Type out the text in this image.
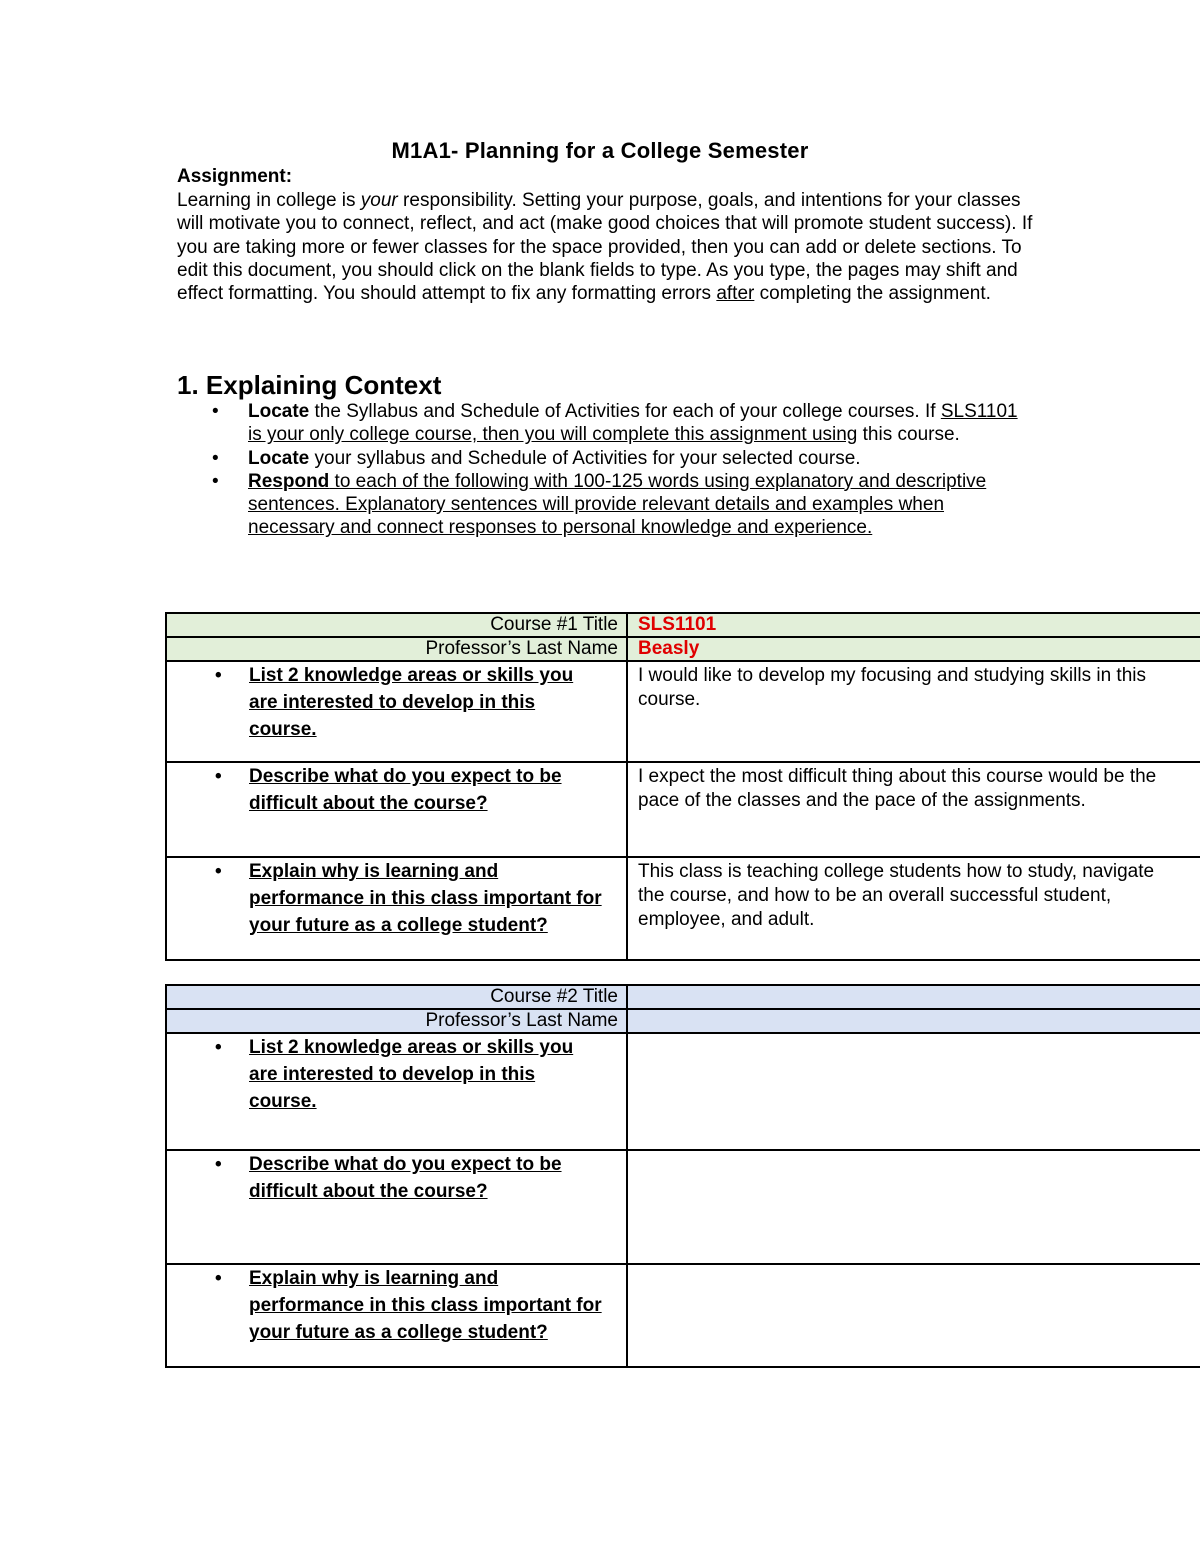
M1A1- Planning for a College Semester
Assignment:

Learning in college is your responsibility. Setting your purpose, goals, and intentions for your classes will motivate you to connect, reflect, and act (make good choices that will promote student success). If you are taking more or fewer classes for the space provided, then you can add or delete sections. To edit this document, you should click on the blank fields to type. As you type, the pages may shift and effect formatting. You should attempt to fix any formatting errors after completing the assignment.

1. Explaining Context
• Locate the Syllabus and Schedule of Activities for each of your college courses. If SLS1101 is your only college course, then you will complete this assignment using this course.
• Locate your syllabus and Schedule of Activities for your selected course.
• Respond to each of the following with 100-125 words using explanatory and descriptive sentences. Explanatory sentences will provide relevant details and examples when necessary and connect responses to personal knowledge and experience.
Course #1 Title	SLS1101
Professor’s Last Name	Beasly

• List 2 knowledge areas or skills you are interested to develop in this course.	I would like to develop my focusing and studying skills in this course.

• Describe what do you expect to be difficult about the course?	I expect the most difficult thing about this course would be the pace of the classes and the pace of the assignments.

• Explain why is learning and performance in this class important for your future as a college student?	This class is teaching college students how to study, navigate the course, and how to be an overall successful student, employee, and adult.
Course #2 Title	
Professor’s Last Name	

• List 2 knowledge areas or skills you are interested to develop in this course.	

• Describe what do you expect to be difficult about the course?	

• Explain why is learning and performance in this class important for your future as a college student?	
